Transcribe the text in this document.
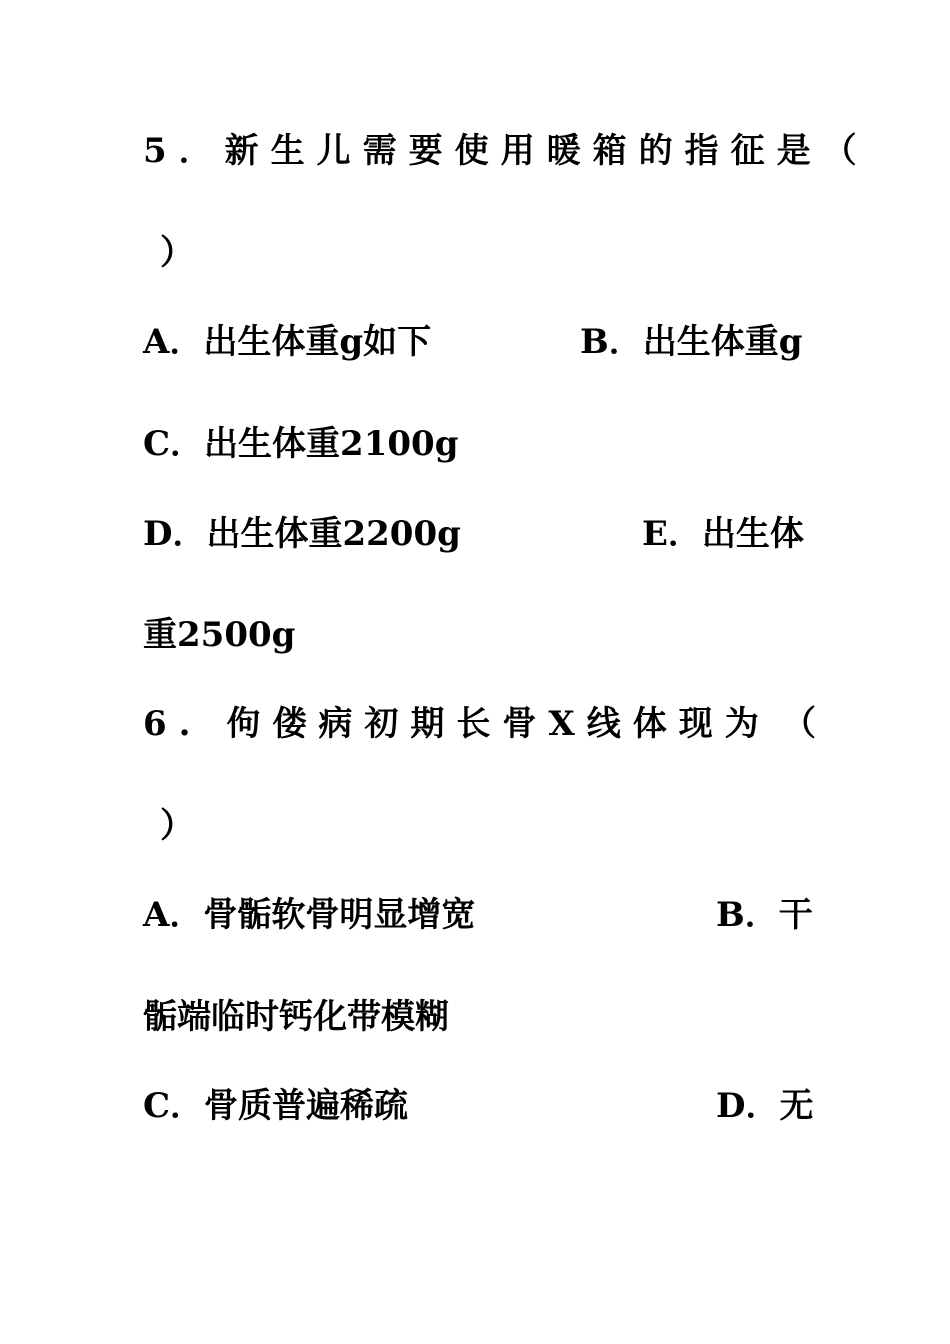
5．新生儿需要使用暖箱的指征是（
）
A．出生体重g如下	B．出生体重g
C．出生体重2100g
D．出生体重2200g	E．出生体
重2500g
6. 佝偻病初期长骨X线体现为 （
）
A．骨骺软骨明显增宽	B．干
骺端临时钙化带模糊
C．骨质普遍稀疏	D．无
